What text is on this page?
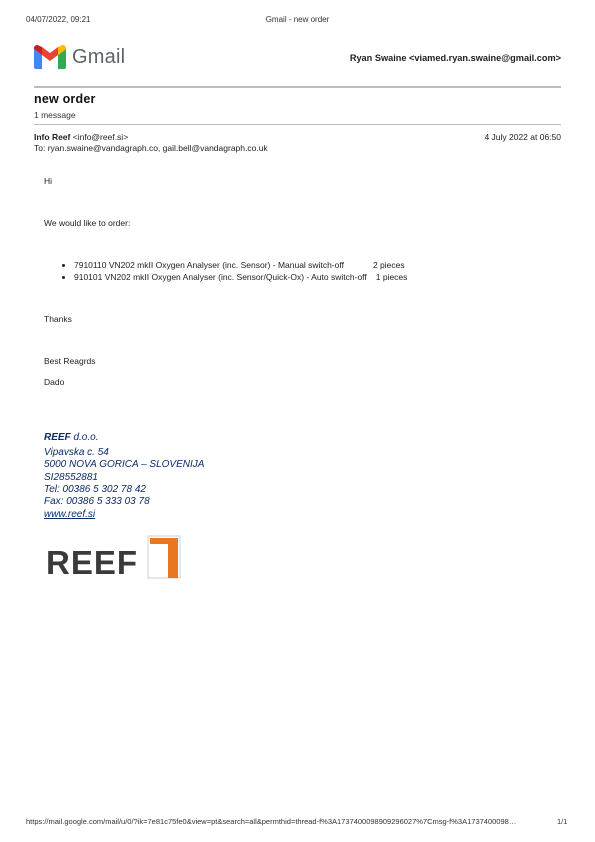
04/07/2022, 09:21	Gmail - new order
Gmail	Ryan Swaine <viamed.ryan.swaine@gmail.com>
new order
1 message
Info Reef <info@reef.si>	4 July 2022 at 06:50
To: ryan.swaine@vandagraph.co, gail.bell@vandagraph.co.uk
Hi
We would like to order:
• 7910110 VN202 mkII Oxygen Analyser (inc. Sensor) - Manual switch-off	2 pieces
• 910101 VN202 mkII Oxygen Analyser (inc. Sensor/Quick-Ox) - Auto switch-off 1 pieces
Thanks
Best Reagrds
Dado
REEF d.o.o.
Vipavska c. 54
5000 NOVA GORICA – SLOVENIJA
SI28552881
Tel: 00386 5 302 78 42
Fax: 00386 5 333 03 78
www.reef.si
REEF
https://mail.google.com/mail/u/0/?ik=7e81c75fe0&view=pt&search=all&permthid=thread-f%3A1737400098909296027%7Cmsg-f%3A1737400098…	1/1
